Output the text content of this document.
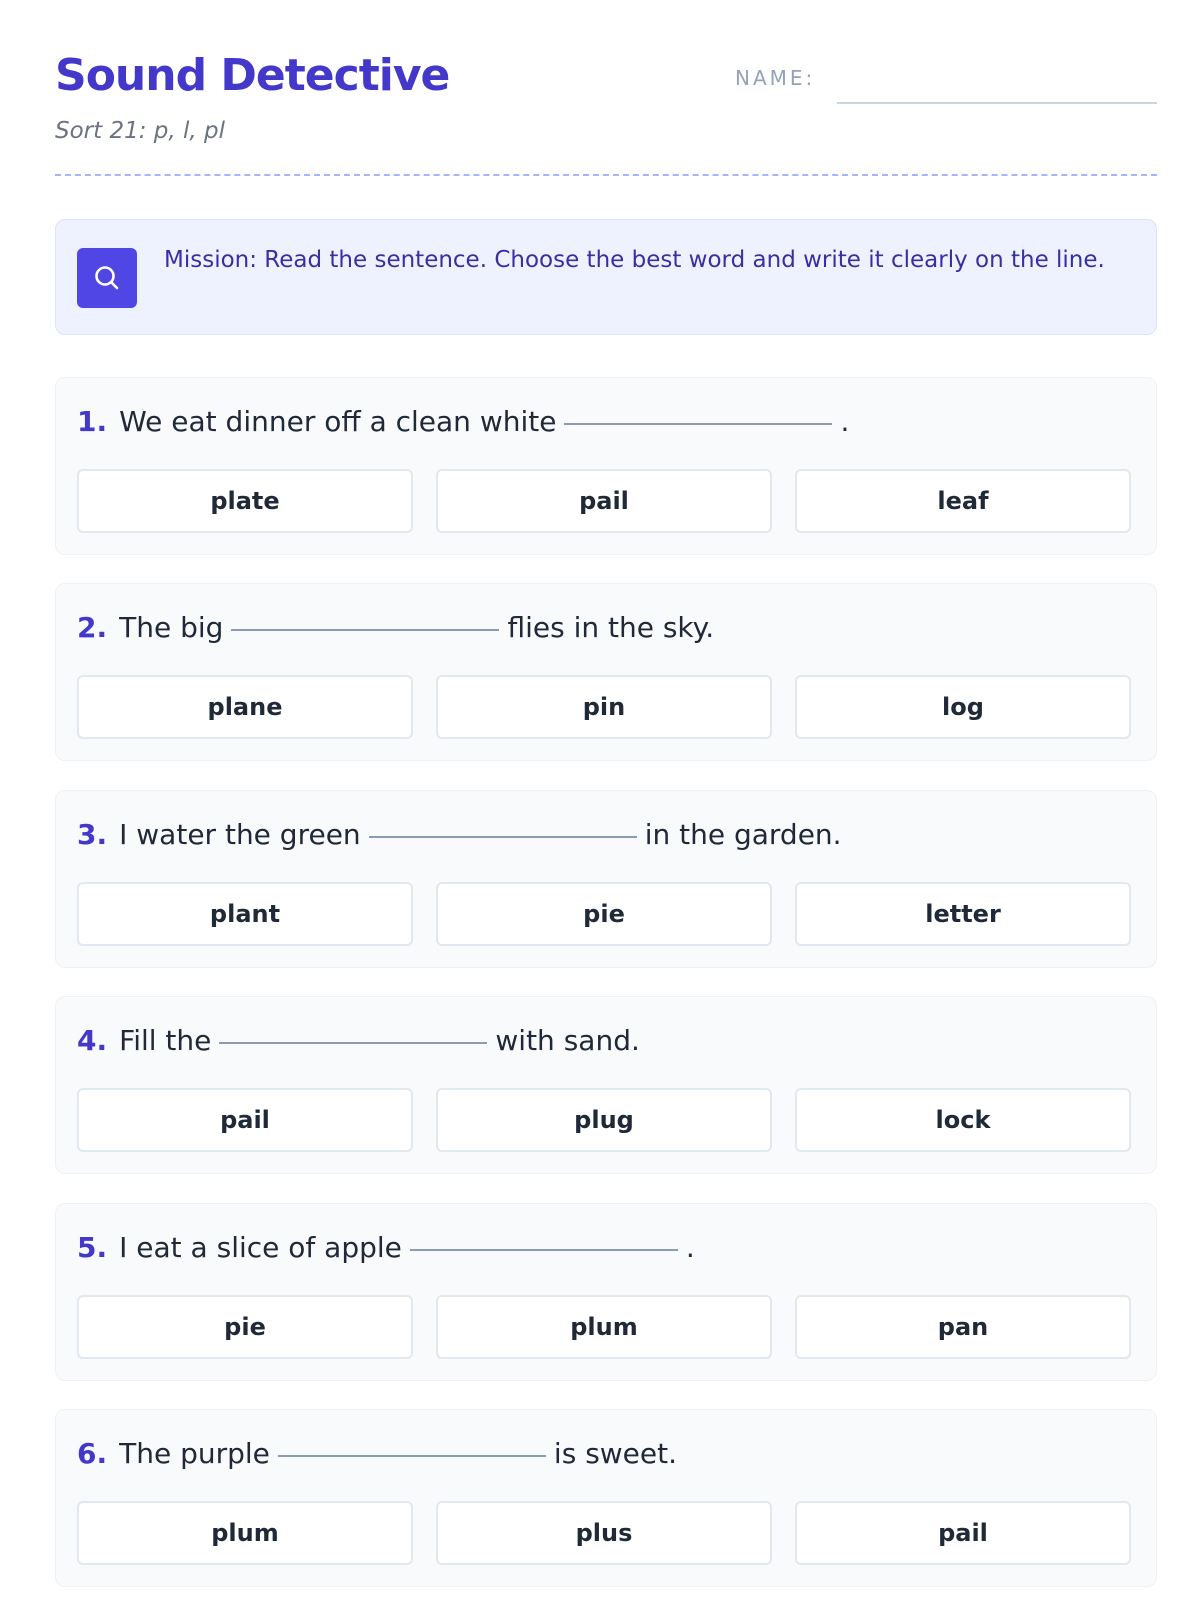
Sound Detective
Sort 21: p, l, pl
NAME:
Mission: Read the sentence. Choose the best word and write it clearly on the line.
1. We eat dinner off a clean white	.
plate	pail	leaf
2. The big	flies in the sky.
plane	pin	log
3. I water the green	in the garden.
plant	pie	letter
4. Fill the	with sand.
pail	plug	lock
5. I eat a slice of apple	.
pie	plum	pan
6. The purple	is sweet.
plum	plus	pail
